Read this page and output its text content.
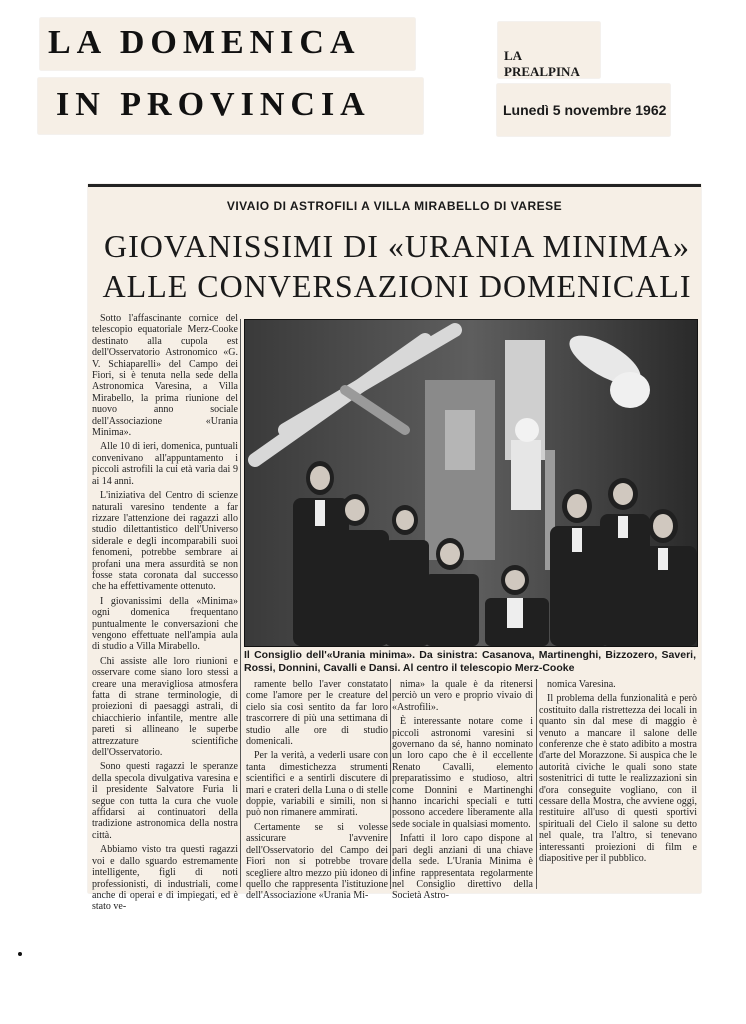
LA DOMENICA
IN PROVINCIA
LA PREALPINA
Lunedì 5 novembre 1962
VIVAIO DI ASTROFILI A VILLA MIRABELLO DI VARESE
GIOVANISSIMI DI «URANIA MINIMA»
ALLE CONVERSAZIONI DOMENICALI

Sotto l'affascinante cornice del telescopio equatoriale Merz-Cooke destinato alla cupola est dell'Osservatorio Astronomico «G. V. Schiaparelli» del Campo dei Fiori, si è tenuta nella sede della Astronomica Varesina, a Villa Mirabello, la prima riunione del nuovo anno sociale dell'Associazione «Urania Minima».

Alle 10 di ieri, domenica, puntuali convenivano all'appuntamento i piccoli astrofili la cui età varia dai 9 ai 14 anni.

L'iniziativa del Centro di scienze naturali varesino tendente a far rizzare l'attenzione dei ragazzi allo studio dilettantistico dell'Universo siderale e degli incomparabili suoi fenomeni, potrebbe sembrare ai profani una mera assurdità se non fosse stata coronata dal successo che ha effettivamente ottenuto.

I giovanissimi della «Minima» ogni domenica frequentano puntualmente le conversazioni che vengono effettuate nell'ampia aula di studio a Villa Mirabello.

Chi assiste alle loro riunioni e osservare come siano loro stessi a creare una meravigliosa atmosfera fatta di strane terminologie, di proiezioni di paesaggi astrali, di chiacchierio infantile, mentre alle pareti si allineano le superbe attrezzature scientifiche dell'Osservatorio.

Sono questi ragazzi le speranze della specola divulgativa varesina e il presidente Salvatore Furia li segue con tutta la cura che vuole affidarsi ai continuatori della tradizione astronomica della nostra città.

Abbiamo visto tra questi ragazzi voi e dallo sguardo estremamente intelligente, figli di noti professionisti, di industriali, come anche di operai e di impiegati, ed è stato ve-

Il Consiglio dell'«Urania minima». Da sinistra: Casanova, Martinenghi, Bizzozero, Saveri, Rossi, Donnini, Cavalli e Dansi. Al centro il telescopio Merz-Cooke

ramente bello l'aver constatato come l'amore per le creature del cielo sia così sentito da far loro trascorrere di più una settimana di studio alle ore di studio domenicali.

Per la verità, a vederli usare con tanta dimestichezza strumenti scientifici e a sentirli discutere di mari e crateri della Luna o di stelle doppie, variabili e simili, non si può non rimanere ammirati.

Certamente se si volesse assicurare l'avvenire dell'Osservatorio del Campo dei Fiori non si potrebbe trovare scegliere altro mezzo più idoneo di quello che rappresenta l'istituzione dell'Associazione «Urania Mi-

nima» la quale è da ritenersi perciò un vero e proprio vivaio di «Astrofili».

È interessante notare come i piccoli astronomi varesini si governano da sé, hanno nominato un loro capo che è il eccellente Renato Cavalli, elemento preparatissimo e studioso, altri come Donnini e Martinenghi hanno incarichi speciali e tutti possono accedere liberamente alla sede sociale in qualsiasi momento.

Infatti il loro capo dispone al pari degli anziani di una chiave della sede. L'Urania Minima è infine rappresentata regolarmente nel Consiglio direttivo della Società Astro-

nomica Varesina.

Il problema della funzionalità e però costituito dalla ristrettezza dei locali in quanto sin dal mese di maggio è venuto a mancare il salone delle conferenze che è stato adibito a mostra d'arte del Morazzone. Si auspica che le autorità civiche le quali sono state sostenitrici di tutte le realizzazioni sin d'ora conseguite vogliano, con il cessare della Mostra, che avviene oggi, restituire all'uso di questi sportivi spirituali del Cielo il salone su detto nel quale, tra l'altro, si tenevano interessanti proiezioni di film e diapositive per il pubblico.
